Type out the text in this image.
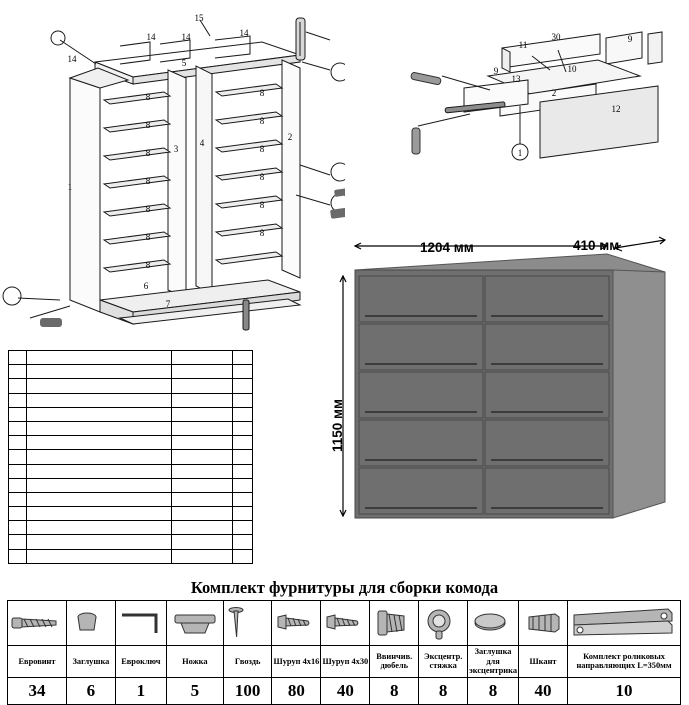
15
14
14	14	14
5
8
8
8
8
8
8
8
8
8
8
8
8
8
1
3
4
2
6
7
11
30	9
9
13
10
2
12
1
1204 мм	410 мм
1150 мм

Комплект фурнитуры для сборки комода

Евровинт	Заглушка	Евроключ	Ножка	Гвоздь	Шуруп 4х16	Шуруп 4х30	Ввинчив. дюбель	Эксцентр. стяжка	Заглушка для эксцентрика	Шкант	Комплект роликовых направляющих L=350мм
34	6	1	5	100	80	40	8	8	8	40	10
